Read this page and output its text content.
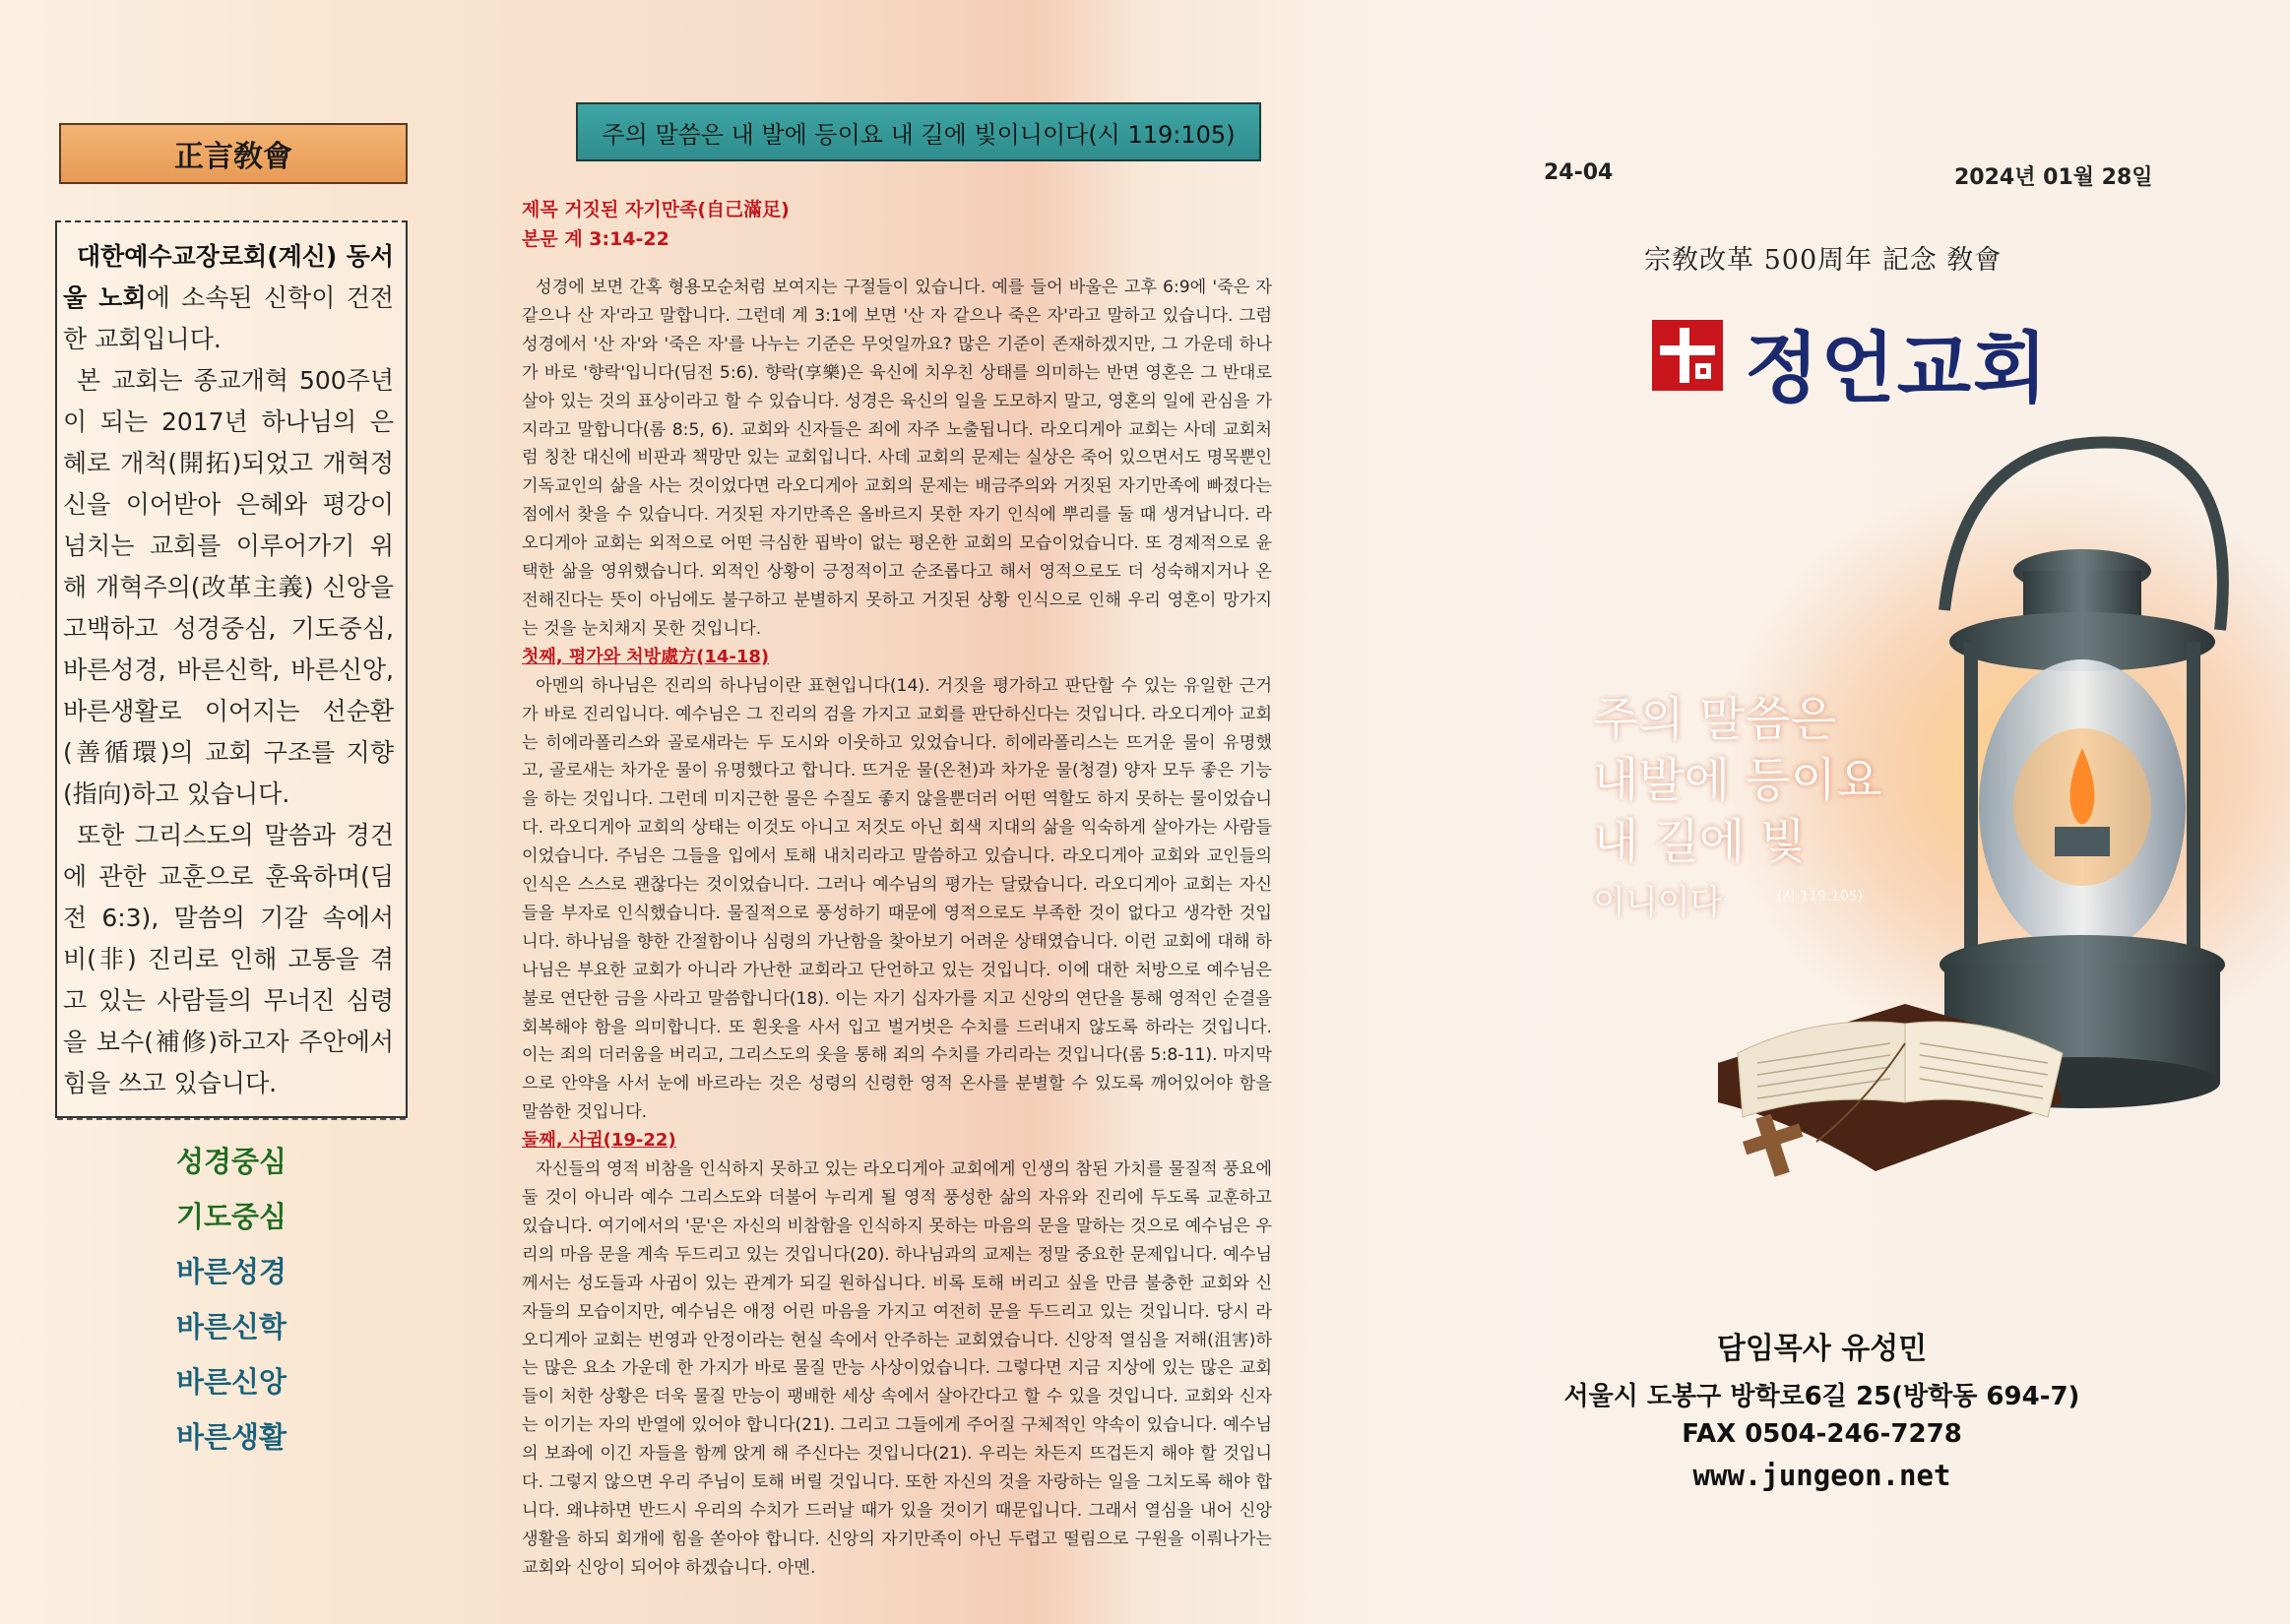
正言敎會

대한예수교장로회(계신) 동서울 노회에 소속된 신학이 건전한 교회입니다.

본 교회는 종교개혁 500주년이 되는 2017년 하나님의 은혜로 개척(開拓)되었고 개혁정신을 이어받아 은혜와 평강이 넘치는 교회를 이루어가기 위해 개혁주의(改革主義) 신앙을 고백하고 성경중심, 기도중심, 바른성경, 바른신학, 바른신앙, 바른생활로 이어지는 선순환(善循環)의 교회 구조를 지향(指向)하고 있습니다.

또한 그리스도의 말씀과 경건에 관한 교훈으로 훈육하며(딤전 6:3), 말씀의 기갈 속에서 비(非) 진리로 인해 고통을 겪고 있는 사람들의 무너진 심령을 보수(補修)하고자 주안에서 힘을 쓰고 있습니다.

성경중심
기도중심
바른성경
바른신학
바른신앙
바른생활
주의 말씀은 내 발에 등이요 내 길에 빛이니이다(시 119:105)
제목 거짓된 자기만족(自己滿足)
본문 계 3:14-22

성경에 보면 간혹 형용모순처럼 보여지는 구절들이 있습니다. 예를 들어 바울은 고후 6:9에 '죽은 자 같으나 산 자'라고 말합니다. 그런데 계 3:1에 보면 '산 자 같으나 죽은 자'라고 말하고 있습니다. 그럼 성경에서 '산 자'와 '죽은 자'를 나누는 기준은 무엇일까요? 많은 기준이 존재하겠지만, 그 가운데 하나가 바로 '향락'입니다(딤전 5:6). 향락(享樂)은 육신에 치우친 상태를 의미하는 반면 영혼은 그 반대로 살아 있는 것의 표상이라고 할 수 있습니다. 성경은 육신의 일을 도모하지 말고, 영혼의 일에 관심을 가지라고 말합니다(롬 8:5, 6). 교회와 신자들은 죄에 자주 노출됩니다. 라오디게아 교회는 사데 교회처럼 칭찬 대신에 비판과 책망만 있는 교회입니다. 사데 교회의 문제는 실상은 죽어 있으면서도 명목뿐인 기독교인의 삶을 사는 것이었다면 라오디게아 교회의 문제는 배금주의와 거짓된 자기만족에 빠졌다는 점에서 찾을 수 있습니다. 거짓된 자기만족은 올바르지 못한 자기 인식에 뿌리를 둘 때 생겨납니다. 라오디게아 교회는 외적으로 어떤 극심한 핍박이 없는 평온한 교회의 모습이었습니다. 또 경제적으로 윤택한 삶을 영위했습니다. 외적인 상황이 긍정적이고 순조롭다고 해서 영적으로도 더 성숙해지거나 온전해진다는 뜻이 아님에도 불구하고 분별하지 못하고 거짓된 상황 인식으로 인해 우리 영혼이 망가지는 것을 눈치채지 못한 것입니다.

첫째, 평가와 처방處方(14-18)

아멘의 하나님은 진리의 하나님이란 표현입니다(14). 거짓을 평가하고 판단할 수 있는 유일한 근거가 바로 진리입니다. 예수님은 그 진리의 검을 가지고 교회를 판단하신다는 것입니다. 라오디게아 교회는 히에라폴리스와 골로새라는 두 도시와 이웃하고 있었습니다. 히에라폴리스는 뜨거운 물이 유명했고, 골로새는 차가운 물이 유명했다고 합니다. 뜨거운 물(온천)과 차가운 물(청결) 양자 모두 좋은 기능을 하는 것입니다. 그런데 미지근한 물은 수질도 좋지 않을뿐더러 어떤 역할도 하지 못하는 물이었습니다. 라오디게아 교회의 상태는 이것도 아니고 저것도 아닌 회색 지대의 삶을 익숙하게 살아가는 사람들이었습니다. 주님은 그들을 입에서 토해 내치리라고 말씀하고 있습니다. 라오디게아 교회와 교인들의 인식은 스스로 괜찮다는 것이었습니다. 그러나 예수님의 평가는 달랐습니다. 라오디게아 교회는 자신들을 부자로 인식했습니다. 물질적으로 풍성하기 때문에 영적으로도 부족한 것이 없다고 생각한 것입니다. 하나님을 향한 간절함이나 심령의 가난함을 찾아보기 어려운 상태였습니다. 이런 교회에 대해 하나님은 부요한 교회가 아니라 가난한 교회라고 단언하고 있는 것입니다. 이에 대한 처방으로 예수님은 불로 연단한 금을 사라고 말씀합니다(18). 이는 자기 십자가를 지고 신앙의 연단을 통해 영적인 순결을 회복해야 함을 의미합니다. 또 흰옷을 사서 입고 벌거벗은 수치를 드러내지 않도록 하라는 것입니다. 이는 죄의 더러움을 버리고, 그리스도의 옷을 통해 죄의 수치를 가리라는 것입니다(롬 5:8-11). 마지막으로 안약을 사서 눈에 바르라는 것은 성령의 신령한 영적 온사를 분별할 수 있도록 깨어있어야 함을 말씀한 것입니다.

둘째, 사귐(19-22)

자신들의 영적 비참을 인식하지 못하고 있는 라오디게아 교회에게 인생의 참된 가치를 물질적 풍요에 둘 것이 아니라 예수 그리스도와 더불어 누리게 될 영적 풍성한 삶의 자유와 진리에 두도록 교훈하고 있습니다. 여기에서의 '문'은 자신의 비참함을 인식하지 못하는 마음의 문을 말하는 것으로 예수님은 우리의 마음 문을 계속 두드리고 있는 것입니다(20). 하나님과의 교제는 정말 중요한 문제입니다. 예수님께서는 성도들과 사귐이 있는 관계가 되길 원하십니다. 비록 토해 버리고 싶을 만큼 불충한 교회와 신자들의 모습이지만, 예수님은 애정 어린 마음을 가지고 여전히 문을 두드리고 있는 것입니다. 당시 라오디게아 교회는 번영과 안정이라는 현실 속에서 안주하는 교회였습니다. 신앙적 열심을 저해(沮害)하는 많은 요소 가운데 한 가지가 바로 물질 만능 사상이었습니다. 그렇다면 지금 지상에 있는 많은 교회들이 처한 상황은 더욱 물질 만능이 팽배한 세상 속에서 살아간다고 할 수 있을 것입니다. 교회와 신자는 이기는 자의 반열에 있어야 합니다(21). 그리고 그들에게 주어질 구체적인 약속이 있습니다. 예수님의 보좌에 이긴 자들을 함께 앉게 해 주신다는 것입니다(21). 우리는 차든지 뜨겁든지 해야 할 것입니다. 그렇지 않으면 우리 주님이 토해 버릴 것입니다. 또한 자신의 것을 자랑하는 일을 그치도록 해야 합니다. 왜냐하면 반드시 우리의 수치가 드러날 때가 있을 것이기 때문입니다. 그래서 열심을 내어 신앙생활을 하되 회개에 힘을 쏟아야 합니다. 신앙의 자기만족이 아닌 두렵고 떨림으로 구원을 이뤄나가는 교회와 신앙이 되어야 하겠습니다. 아멘.

24-04	2024년 01월 28일
宗敎改革 500周年 記念 敎會
정언교회
주의 말씀은
내발에 등이요
내 길에 빛
이니이다	(시 119:105)
담임목사 유성민
서울시 도봉구 방학로6길 25(방학동 694-7)
FAX 0504-246-7278
www.jungeon.net
